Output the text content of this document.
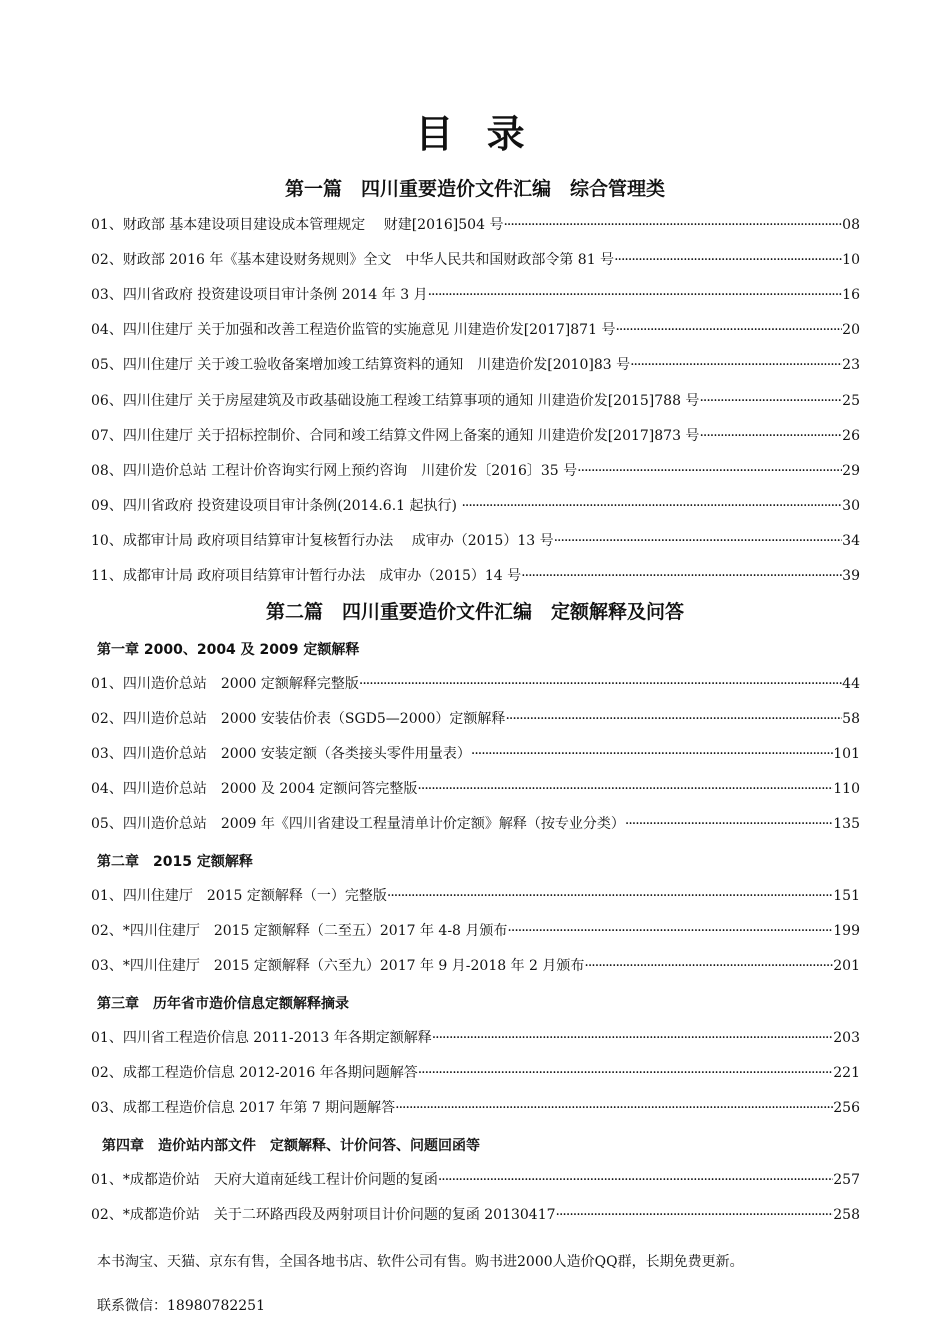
目 录
第一篇　四川重要造价文件汇编　综合管理类
01、财政部 基本建设项目建设成本管理规定　 财建[2016]504 号 ·····	08
02、财政部 2016 年《基本建设财务规则》全文　中华人民共和国财政部令第 81 号 ·····	10
03、四川省政府 投资建设项目审计条例 2014 年 3 月 ·····	16
04、四川住建厅 关于加强和改善工程造价监管的实施意见 川建造价发[2017]871 号 ·····	20
05、四川住建厅 关于竣工验收备案增加竣工结算资料的通知　川建造价发[2010]83 号 ·····	23
06、四川住建厅 关于房屋建筑及市政基础设施工程竣工结算事项的通知 川建造价发[2015]788 号 ·····	25
07、四川住建厅 关于招标控制价、合同和竣工结算文件网上备案的通知 川建造价发[2017]873 号 ·····	26
08、四川造价总站 工程计价咨询实行网上预约咨询　川建价发〔2016〕35 号 ·····	29
09、四川省政府 投资建设项目审计条例(2014.6.1 起执行) ·····	30
10、成都审计局 政府项目结算审计复核暂行办法　 成审办（2015）13 号 ·····	34
11、成都审计局 政府项目结算审计暂行办法　成审办（2015）14 号 ·····	39
第二篇　四川重要造价文件汇编　定额解释及问答
第一章 2000、2004 及 2009 定额解释
01、四川造价总站　2000 定额解释完整版 ·····	44
02、四川造价总站　2000 安装估价表（SGD5—2000）定额解释 ·····	58
03、四川造价总站　2000 安装定额（各类接头零件用量表） ·····	101
04、四川造价总站　2000 及 2004 定额问答完整版 ·····	110
05、四川造价总站　2009 年《四川省建设工程量清单计价定额》解释（按专业分类） ·····	135
第二章　2015 定额解释
01、四川住建厅　2015 定额解释（一）完整版 ·····	151
02、*四川住建厅　2015 定额解释（二至五）2017 年 4-8 月颁布 ·····	199
03、*四川住建厅　2015 定额解释（六至九）2017 年 9 月-2018 年 2 月颁布 ·····	201
第三章　历年省市造价信息定额解释摘录
01、四川省工程造价信息 2011-2013 年各期定额解释 ·····	203
02、成都工程造价信息 2012-2016 年各期问题解答 ·····	221
03、成都工程造价信息 2017 年第 7 期问题解答 ·····	256
第四章　造价站内部文件　定额解释、计价问答、问题回函等
01、*成都造价站　天府大道南延线工程计价问题的复函 ·····	257
02、*成都造价站　关于二环路西段及两射项目计价问题的复函 20130417 ·····	258
本书淘宝、天猫、京东有售，全国各地书店、软件公司有售。购书进2000人造价QQ群，长期免费更新。
联系微信：18980782251
